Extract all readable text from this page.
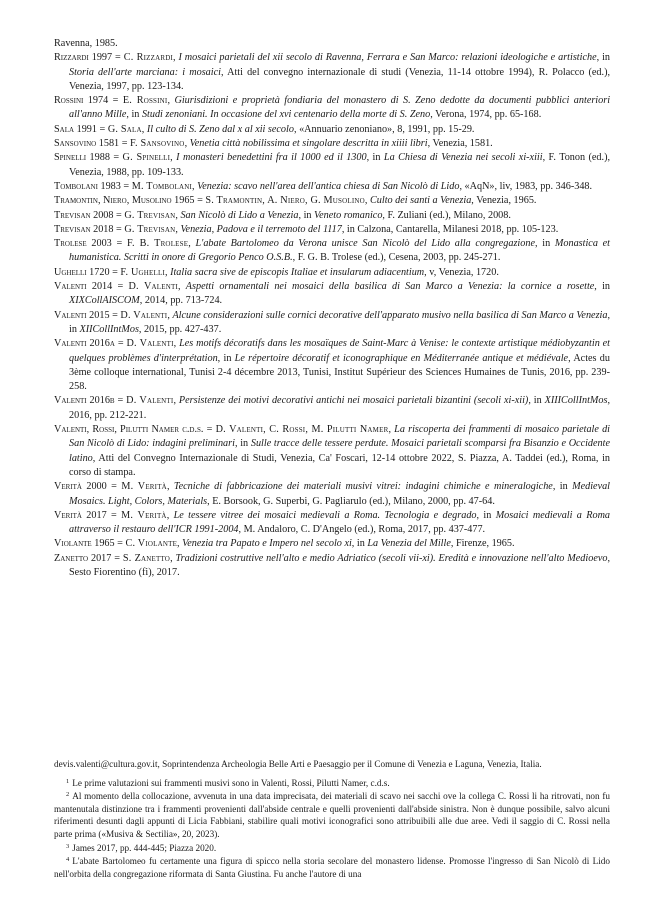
Ravenna, 1985.
Rizzardi 1997 = C. Rizzardi, I mosaici parietali del xii secolo di Ravenna, Ferrara e San Marco: relazioni ideologiche e artistiche, in Storia dell'arte marciana: i mosaici, Atti del convegno internazionale di studi (Venezia, 11-14 ottobre 1994), R. Polacco (ed.), Venezia, 1997, pp. 123-134.
Rossini 1974 = E. Rossini, Giurisdizioni e proprietà fondiaria del monastero di S. Zeno dedotte da documenti pubblici anteriori all'anno Mille, in Studi zenoniani. In occasione del xvi centenario della morte di S. Zeno, Verona, 1974, pp. 65-168.
Sala 1991 = G. Sala, Il culto di S. Zeno dal x al xii secolo, «Annuario zenoniano», 8, 1991, pp. 15-29.
Sansovino 1581 = F. Sansovino, Venetia città nobilissima et singolare descritta in xiiii libri, Venezia, 1581.
Spinelli 1988 = G. Spinelli, I monasteri benedettini fra il 1000 ed il 1300, in La Chiesa di Venezia nei secoli xi-xiii, F. Tonon (ed.), Venezia, 1988, pp. 109-133.
Tombolani 1983 = M. Tombolani, Venezia: scavo nell'area dell'antica chiesa di San Nicolò di Lido, «AqN», liv, 1983, pp. 346-348.
Tramontin, Niero, Musolino 1965 = S. Tramontin, A. Niero, G. Musolino, Culto dei santi a Venezia, Venezia, 1965.
Trevisan 2008 = G. Trevisan, San Nicolò di Lido a Venezia, in Veneto romanico, F. Zuliani (ed.), Milano, 2008.
Trevisan 2018 = G. Trevisan, Venezia, Padova e il terremoto del 1117, in Calzona, Cantarella, Milanesi 2018, pp. 105-123.
Trolese 2003 = F. B. Trolese, L'abate Bartolomeo da Verona unisce San Nicolò del Lido alla congregazione, in Monastica et humanistica. Scritti in onore di Gregorio Penco O.S.B., F. G. B. Trolese (ed.), Cesena, 2003, pp. 245-271.
Ughelli 1720 = F. Ughelli, Italia sacra sive de episcopis Italiae et insularum adiacentium, v, Venezia, 1720.
Valenti 2014 = D. Valenti, Aspetti ornamentali nei mosaici della basilica di San Marco a Venezia: la cornice a rosette, in XIXCollAISCOM, 2014, pp. 713-724.
Valenti 2015 = D. Valenti, Alcune considerazioni sulle cornici decorative dell'apparato musivo nella basilica di San Marco a Venezia, in XIICollIntMos, 2015, pp. 427-437.
Valenti 2016a = D. Valenti, Les motifs décoratifs dans les mosaïques de Saint-Marc à Venise: le contexte artistique médiobyzantin et quelques problèmes d'interprétation, in Le répertoire décoratif et iconographique en Méditerranée antique et médiévale, Actes du 3ème colloque international, Tunisi 2-4 décembre 2013, Tunisi, Institut Supérieur des Sciences Humaines de Tunis, 2016, pp. 239-258.
Valenti 2016b = D. Valenti, Persistenze dei motivi decorativi antichi nei mosaici parietali bizantini (secoli xi-xii), in XIIICollIntMos, 2016, pp. 212-221.
Valenti, Rossi, Pilutti Namer c.d.s. = D. Valenti, C. Rossi, M. Pilutti Namer, La riscoperta dei frammenti di mosaico parietale di San Nicolò di Lido: indagini preliminari, in Sulle tracce delle tessere perdute. Mosaici parietali scomparsi fra Bisanzio e Occidente latino, Atti del Convegno Internazionale di Studi, Venezia, Ca' Foscari, 12-14 ottobre 2022, S. Piazza, A. Taddei (ed.), Roma, in corso di stampa.
Verità 2000 = M. Verità, Tecniche di fabbricazione dei materiali musivi vitrei: indagini chimiche e mineralogiche, in Medieval Mosaics. Light, Colors, Materials, E. Borsook, G. Superbi, G. Pagliarulo (ed.), Milano, 2000, pp. 47-64.
Verità 2017 = M. Verità, Le tessere vitree dei mosaici medievali a Roma. Tecnologia e degrado, in Mosaici medievali a Roma attraverso il restauro dell'ICR 1991-2004, M. Andaloro, C. D'Angelo (ed.), Roma, 2017, pp. 437-477.
Violante 1965 = C. Violante, Venezia tra Papato e Impero nel secolo xi, in La Venezia del Mille, Firenze, 1965.
Zanetto 2017 = S. Zanetto, Tradizioni costruttive nell'alto e medio Adriatico (secoli vii-xi). Eredità e innovazione nell'alto Medioevo, Sesto Fiorentino (fi), 2017.
devis.valenti@cultura.gov.it, Soprintendenza Archeologia Belle Arti e Paesaggio per il Comune di Venezia e Laguna, Venezia, Italia.
$^1$ Le prime valutazioni sui frammenti musivi sono in Valenti, Rossi, Pilutti Namer, c.d.s.
$^2$ Al momento della collocazione, avvenuta in una data imprecisata, dei materiali di scavo nei sacchi ove la collega C. Rossi li ha ritrovati, non fu mantenutala distinzione tra i frammenti provenienti dall'abside centrale e quelli provenienti dall'abside sinistra. Non è dunque possibile, salvo alcuni riferimenti desunti dagli appunti di Licia Fabbiani, stabilire quali motivi iconografici sono attribuibili alle due aree. Vedi il saggio di C. Rossi nella parte prima («Musiva & Sectilia», 20, 2023).
$^3$ James 2017, pp. 444-445; Piazza 2020.
$^4$ L'abate Bartolomeo fu certamente una figura di spicco nella storia secolare del monastero lidense. Promosse l'ingresso di San Nicolò di Lido nell'orbita della congregazione riformata di Santa Giustina. Fu anche l'autore di una
